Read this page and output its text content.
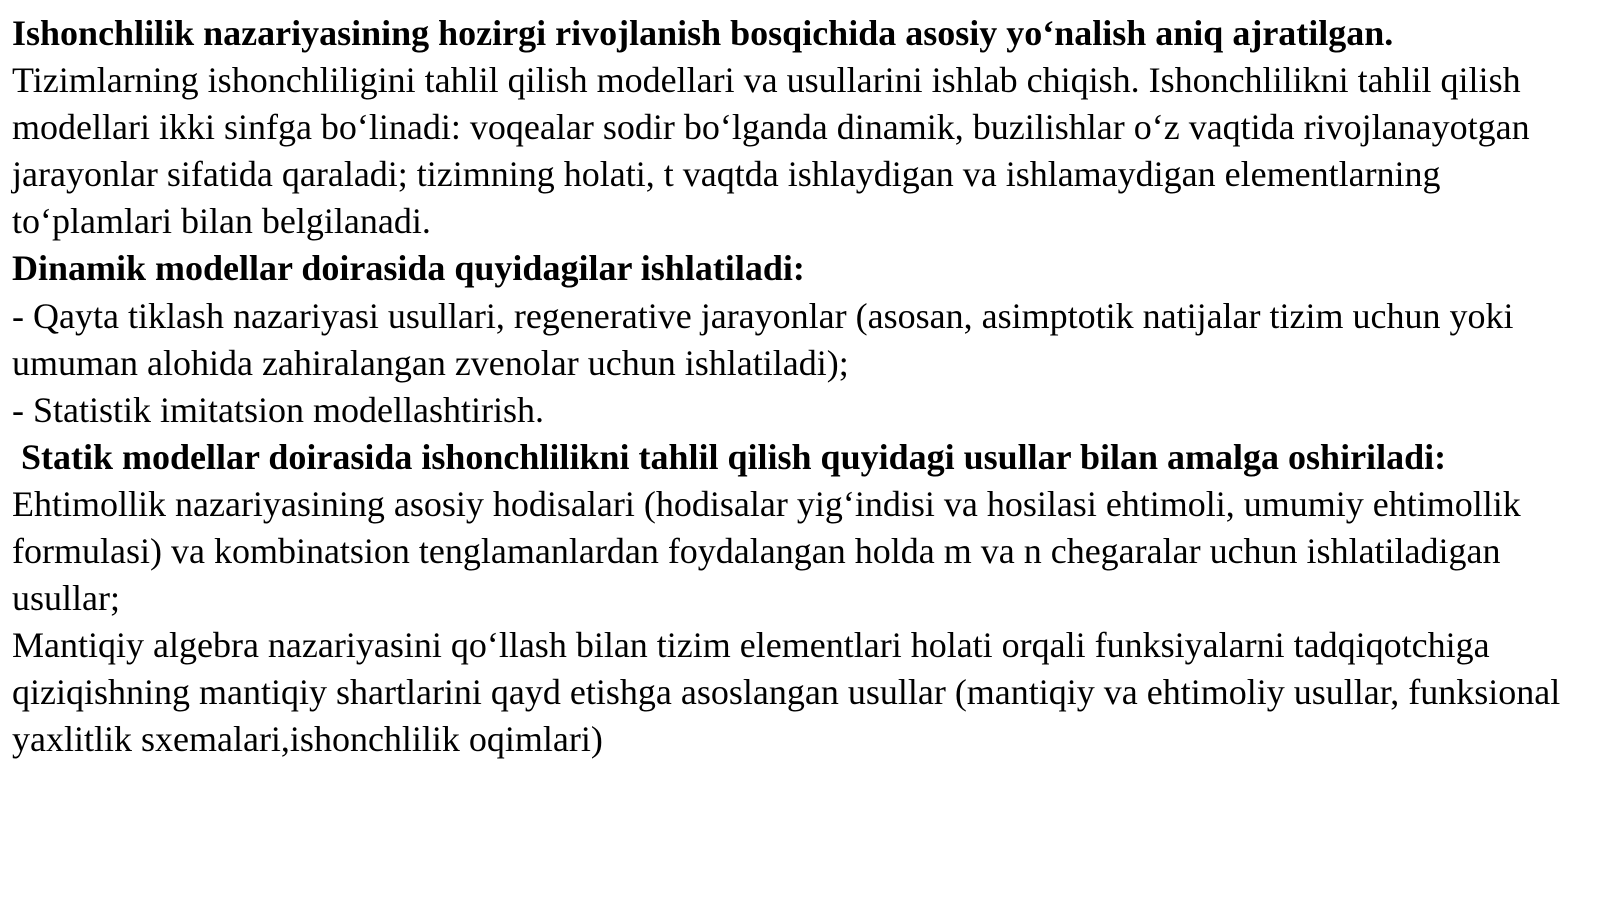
Ishonchlilik nazariyasining hozirgi rivojlanish bosqichida asosiy yo‘nalish aniq ajratilgan.

Tizimlarning ishonchliligini tahlil qilish modellari va usullarini ishlab chiqish. Ishonchlilikni tahlil qilish modellari ikki sinfga bo‘linadi: voqealar sodir bo‘lganda dinamik, buzilishlar o‘z vaqtida rivojlanayotgan jarayonlar sifatida qaraladi; tizimning holati, t vaqtda ishlaydigan va ishlamaydigan elementlarning to‘plamlari bilan belgilanadi.

Dinamik modellar doirasida quyidagilar ishlatiladi:

- Qayta tiklash nazariyasi usullari, regenerative jarayonlar (asosan, asimptotik natijalar tizim uchun yoki umuman alohida zahiralangan zvenolar uchun ishlatiladi);

- Statistik imitatsion modellashtirish.

Statik modellar doirasida ishonchlilikni tahlil qilish quyidagi usullar bilan amalga oshiriladi:

Ehtimollik nazariyasining asosiy hodisalari (hodisalar yig‘indisi va hosilasi ehtimoli, umumiy ehtimollik formulasi) va kombinatsion tenglamanlardan foydalangan holda m va n chegaralar uchun ishlatiladigan usullar;

Mantiqiy algebra nazariyasini qo‘llash bilan tizim elementlari holati orqali funksiyalarni tadqiqotchiga qiziqishning mantiqiy shartlarini qayd etishga asoslangan usullar (mantiqiy va ehtimoliy usullar, funksional yaxlitlik sxemalari,ishonchlilik oqimlari)
